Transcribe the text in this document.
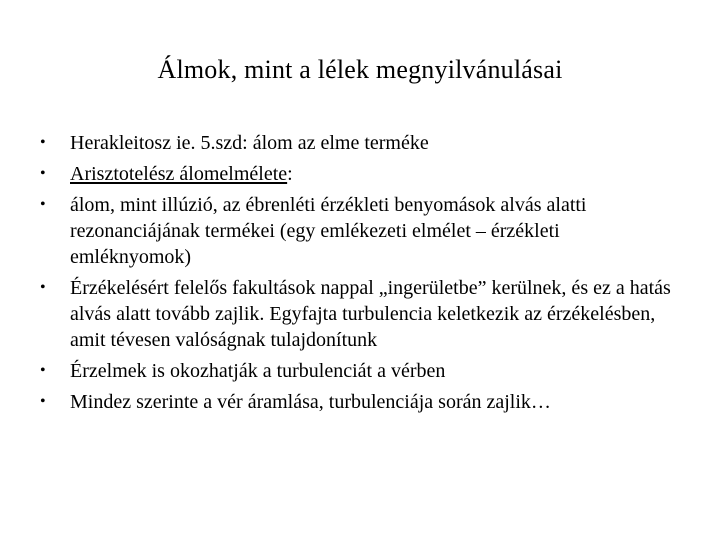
Álmok, mint a lélek megnyilvánulásai
•	Herakleitosz ie. 5.szd: álom az elme terméke
•	Arisztotelész álomelmélete:
•	álom, mint illúzió, az ébrenléti érzékleti benyomások alvás alatti rezonanciájának termékei (egy emlékezeti elmélet – érzékleti emléknyomok)
•	Érzékelésért felelős fakultások nappal „ingerületbe” kerülnek, és ez a hatás alvás alatt tovább zajlik. Egyfajta turbulencia keletkezik az érzékelésben, amit tévesen valóságnak tulajdonítunk
•	Érzelmek is okozhatják a turbulenciát a vérben
•	Mindez szerinte a vér áramlása, turbulenciája során zajlik…
